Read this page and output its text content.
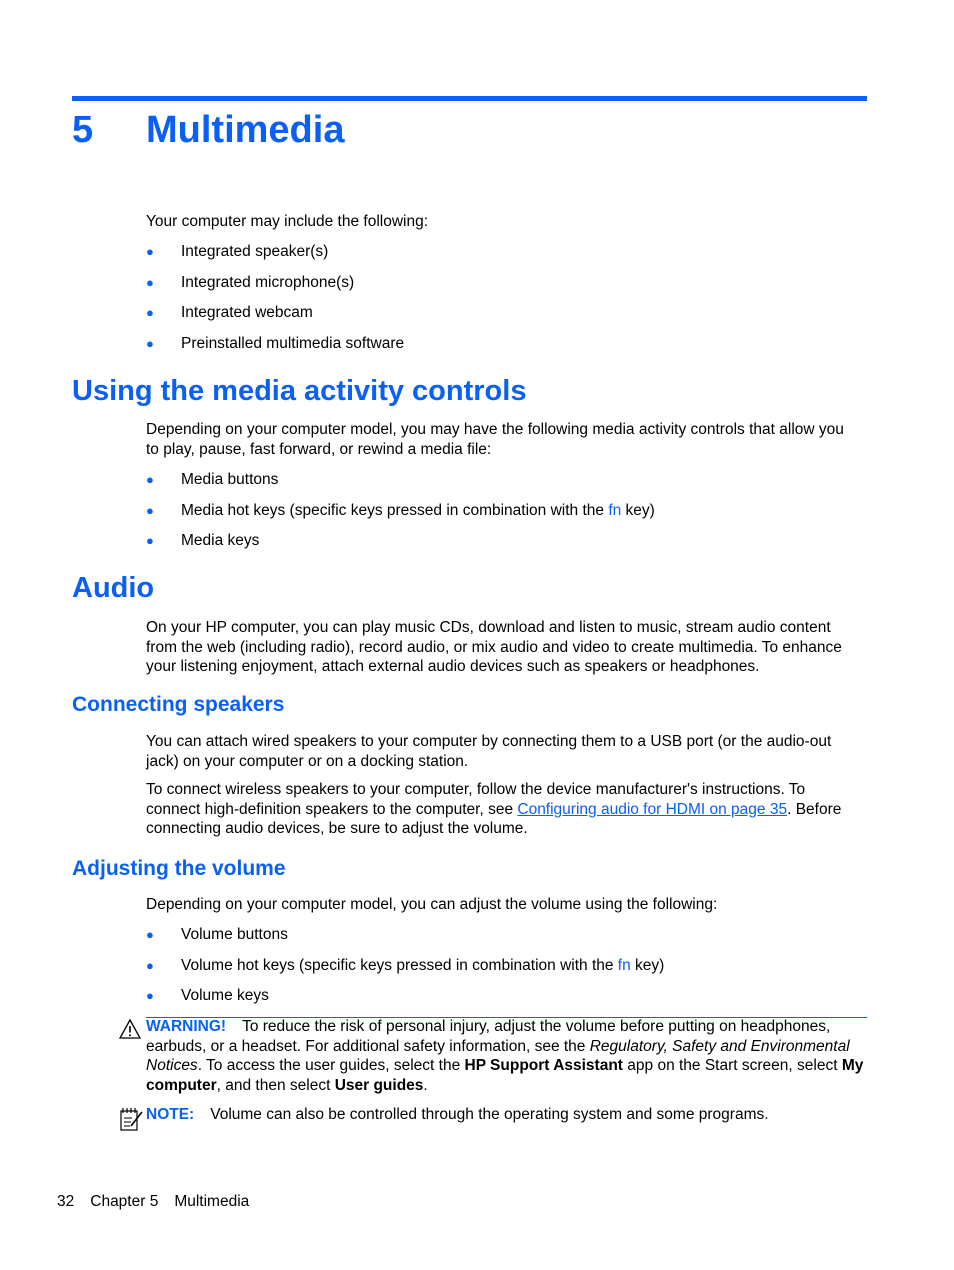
5 Multimedia
Your computer may include the following:
● Integrated speaker(s)
● Integrated microphone(s)
● Integrated webcam
● Preinstalled multimedia software
Using the media activity controls
Depending on your computer model, you may have the following media activity controls that allow you to play, pause, fast forward, or rewind a media file:
● Media buttons
● Media hot keys (specific keys pressed in combination with the fn key)
● Media keys
Audio
On your HP computer, you can play music CDs, download and listen to music, stream audio content from the web (including radio), record audio, or mix audio and video to create multimedia. To enhance your listening enjoyment, attach external audio devices such as speakers or headphones.
Connecting speakers
You can attach wired speakers to your computer by connecting them to a USB port (or the audio-out jack) on your computer or on a docking station.
To connect wireless speakers to your computer, follow the device manufacturer's instructions. To connect high-definition speakers to the computer, see Configuring audio for HDMI on page 35. Before connecting audio devices, be sure to adjust the volume.
Adjusting the volume
Depending on your computer model, you can adjust the volume using the following:
● Volume buttons
● Volume hot keys (specific keys pressed in combination with the fn key)
● Volume keys
WARNING! To reduce the risk of personal injury, adjust the volume before putting on headphones, earbuds, or a headset. For additional safety information, see the Regulatory, Safety and Environmental Notices. To access the user guides, select the HP Support Assistant app on the Start screen, select My computer, and then select User guides.
NOTE: Volume can also be controlled through the operating system and some programs.
32 Chapter 5 Multimedia
